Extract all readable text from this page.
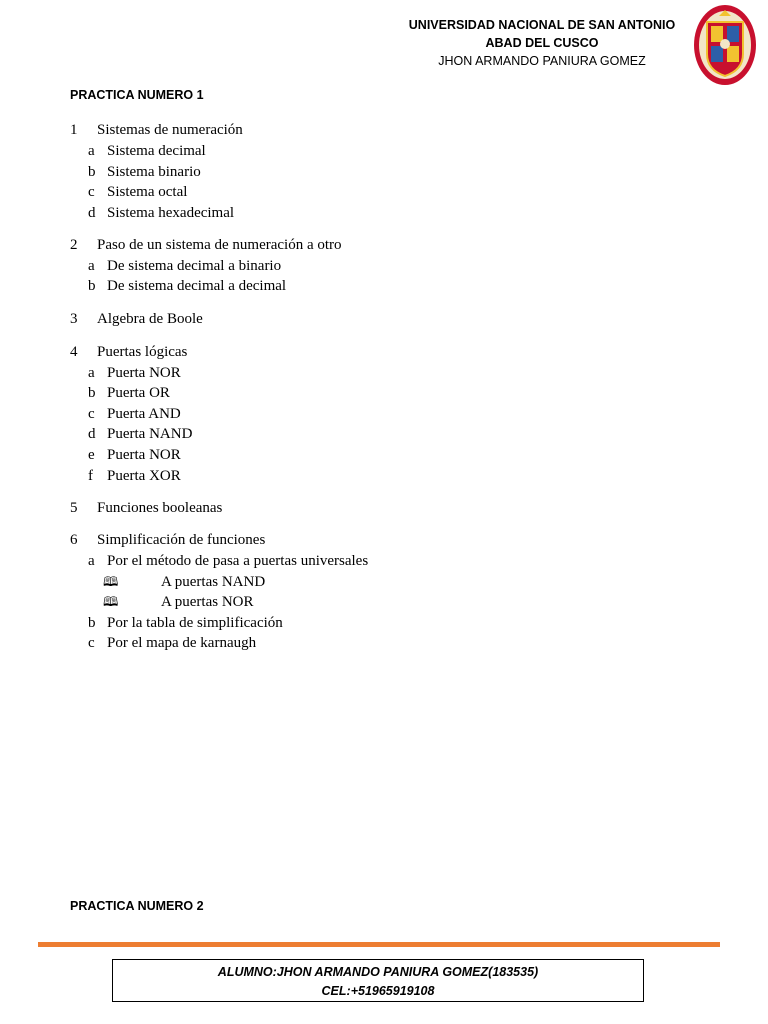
UNIVERSIDAD NACIONAL DE SAN ANTONIO
ABAD DEL CUSCO
JHON ARMANDO PANIURA GOMEZ
PRACTICA NUMERO 1
1 Sistemas de numeración
a Sistema decimal
b Sistema binario
c Sistema octal
d Sistema hexadecimal
2 Paso de un sistema de numeración a otro
a De sistema decimal a binario
b De sistema decimal a decimal
3 Algebra de Boole
4 Puertas lógicas
a Puerta NOR
b Puerta OR
c Puerta AND
d Puerta NAND
e Puerta NOR
f Puerta XOR
5 Funciones booleanas
6 Simplificación de funciones
a Por el método de pasa a puertas universales
🕮	A puertas NAND
🕮	A puertas NOR
b Por la tabla de simplificación
c Por el mapa de karnaugh
PRACTICA NUMERO 2
ALUMNO:JHON ARMANDO PANIURA GOMEZ(183535)
CEL:+51965919108
